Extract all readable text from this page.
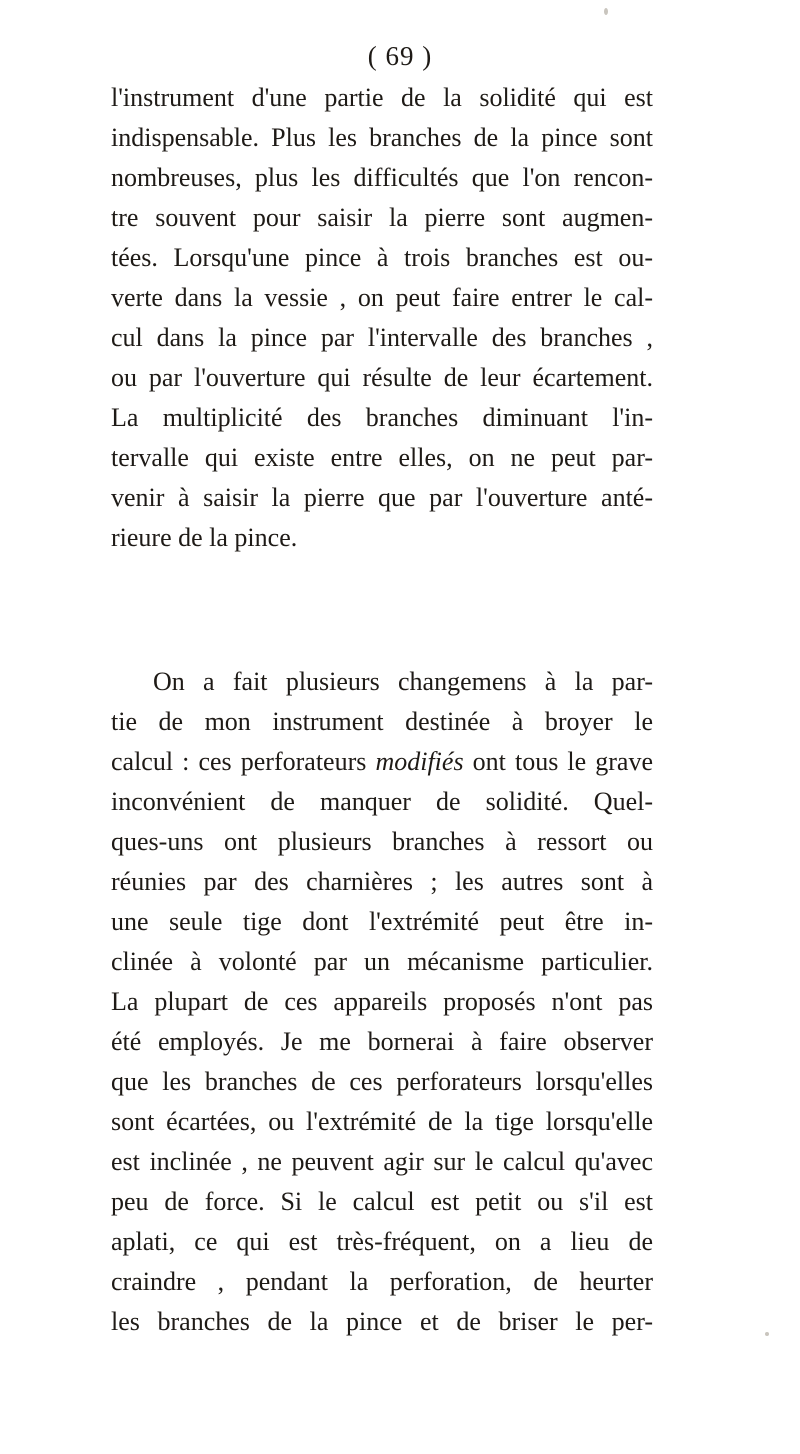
( 69 )
l'instrument d'une partie de la solidité qui est
indispensable. Plus les branches de la pince sont
nombreuses, plus les difficultés que l'on rencon-
tre souvent pour saisir la pierre sont augmen-
tées. Lorsqu'une pince à trois branches est ou-
verte dans la vessie , on peut faire entrer le cal-
cul dans la pince par l'intervalle des branches ,
ou par l'ouverture qui résulte de leur écartement.
La multiplicité des branches diminuant l'in-
tervalle qui existe entre elles, on ne peut par-
venir à saisir la pierre que par l'ouverture anté-
rieure de la pince.
On a fait plusieurs changemens à la par-
tie de mon instrument destinée à broyer le
calcul : ces perforateurs modifiés ont tous le grave
inconvénient de manquer de solidité. Quel-
ques-uns ont plusieurs branches à ressort ou
réunies par des charnières ; les autres sont à
une seule tige dont l'extrémité peut être in-
clinée à volonté par un mécanisme particulier.
La plupart de ces appareils proposés n'ont pas
été employés. Je me bornerai à faire observer
que les branches de ces perforateurs lorsqu'elles
sont écartées, ou l'extrémité de la tige lorsqu'elle
est inclinée , ne peuvent agir sur le calcul qu'avec
peu de force. Si le calcul est petit ou s'il est
aplati, ce qui est très-fréquent, on a lieu de
craindre , pendant la perforation, de heurter
les branches de la pince et de briser le per-
